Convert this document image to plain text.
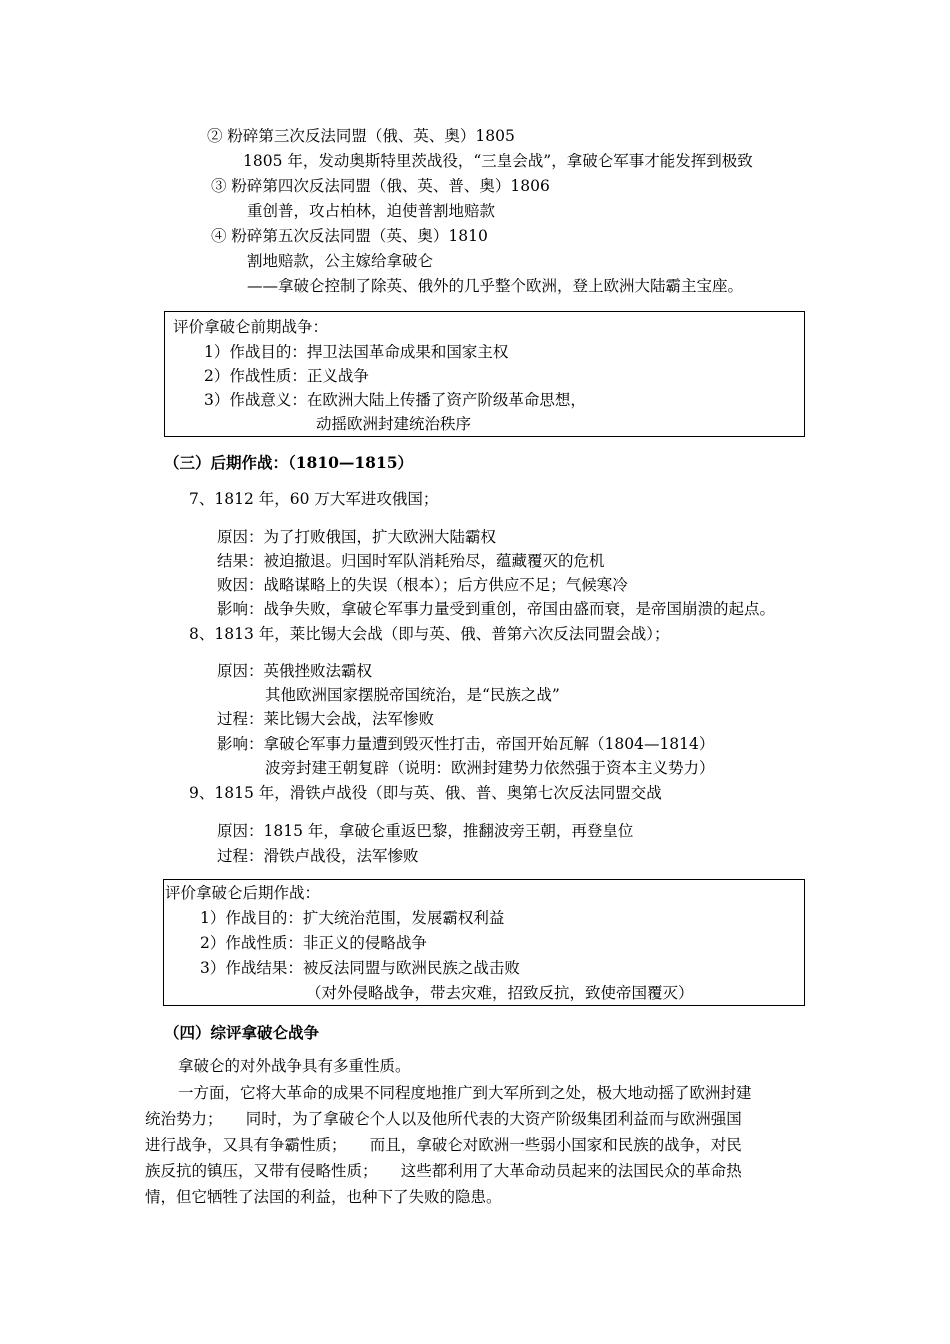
② 粉碎第三次反法同盟（俄、英、奥）1805
1805 年，发动奥斯特里茨战役，“三皇会战”，拿破仑军事才能发挥到极致
③ 粉碎第四次反法同盟（俄、英、普、奥）1806
重创普，攻占柏林，迫使普割地赔款
④ 粉碎第五次反法同盟（英、奥）1810
割地赔款，公主嫁给拿破仑
——拿破仑控制了除英、俄外的几乎整个欧洲，登上欧洲大陆霸主宝座。
评价拿破仑前期战争：
1）作战目的：捍卫法国革命成果和国家主权
2）作战性质：正义战争
3）作战意义：在欧洲大陆上传播了资产阶级革命思想，
动摇欧洲封建统治秩序
（三）后期作战：（1810—1815）
7、1812 年，60 万大军进攻俄国；
原因：为了打败俄国，扩大欧洲大陆霸权
结果：被迫撤退。归国时军队消耗殆尽，蕴藏覆灭的危机
败因：战略谋略上的失误（根本）；后方供应不足；气候寒冷
影响：战争失败，拿破仑军事力量受到重创，帝国由盛而衰，是帝国崩溃的起点。
8、1813 年，莱比锡大会战（即与英、俄、普第六次反法同盟会战）；
原因：英俄挫败法霸权
其他欧洲国家摆脱帝国统治，是“民族之战”
过程：莱比锡大会战，法军惨败
影响：拿破仑军事力量遭到毁灭性打击，帝国开始瓦解（1804—1814）
波旁封建王朝复辟（说明：欧洲封建势力依然强于资本主义势力）
9、1815 年，滑铁卢战役（即与英、俄、普、奥第七次反法同盟交战
原因：1815 年，拿破仑重返巴黎，推翻波旁王朝，再登皇位
过程：滑铁卢战役，法军惨败
评价拿破仑后期作战：
1）作战目的：扩大统治范围，发展霸权利益
2）作战性质：非正义的侵略战争
3）作战结果：被反法同盟与欧洲民族之战击败
（对外侵略战争，带去灾难，招致反抗，致使帝国覆灭）
（四）综评拿破仑战争
拿破仑的对外战争具有多重性质。
一方面，它将大革命的成果不同程度地推广到大军所到之处，极大地动摇了欧洲封建
统治势力；　　同时，为了拿破仑个人以及他所代表的大资产阶级集团利益而与欧洲强国
进行战争，又具有争霸性质；　　而且，拿破仑对欧洲一些弱小国家和民族的战争，对民
族反抗的镇压，又带有侵略性质；　　这些都利用了大革命动员起来的法国民众的革命热
情，但它牺牲了法国的利益，也种下了失败的隐患。
